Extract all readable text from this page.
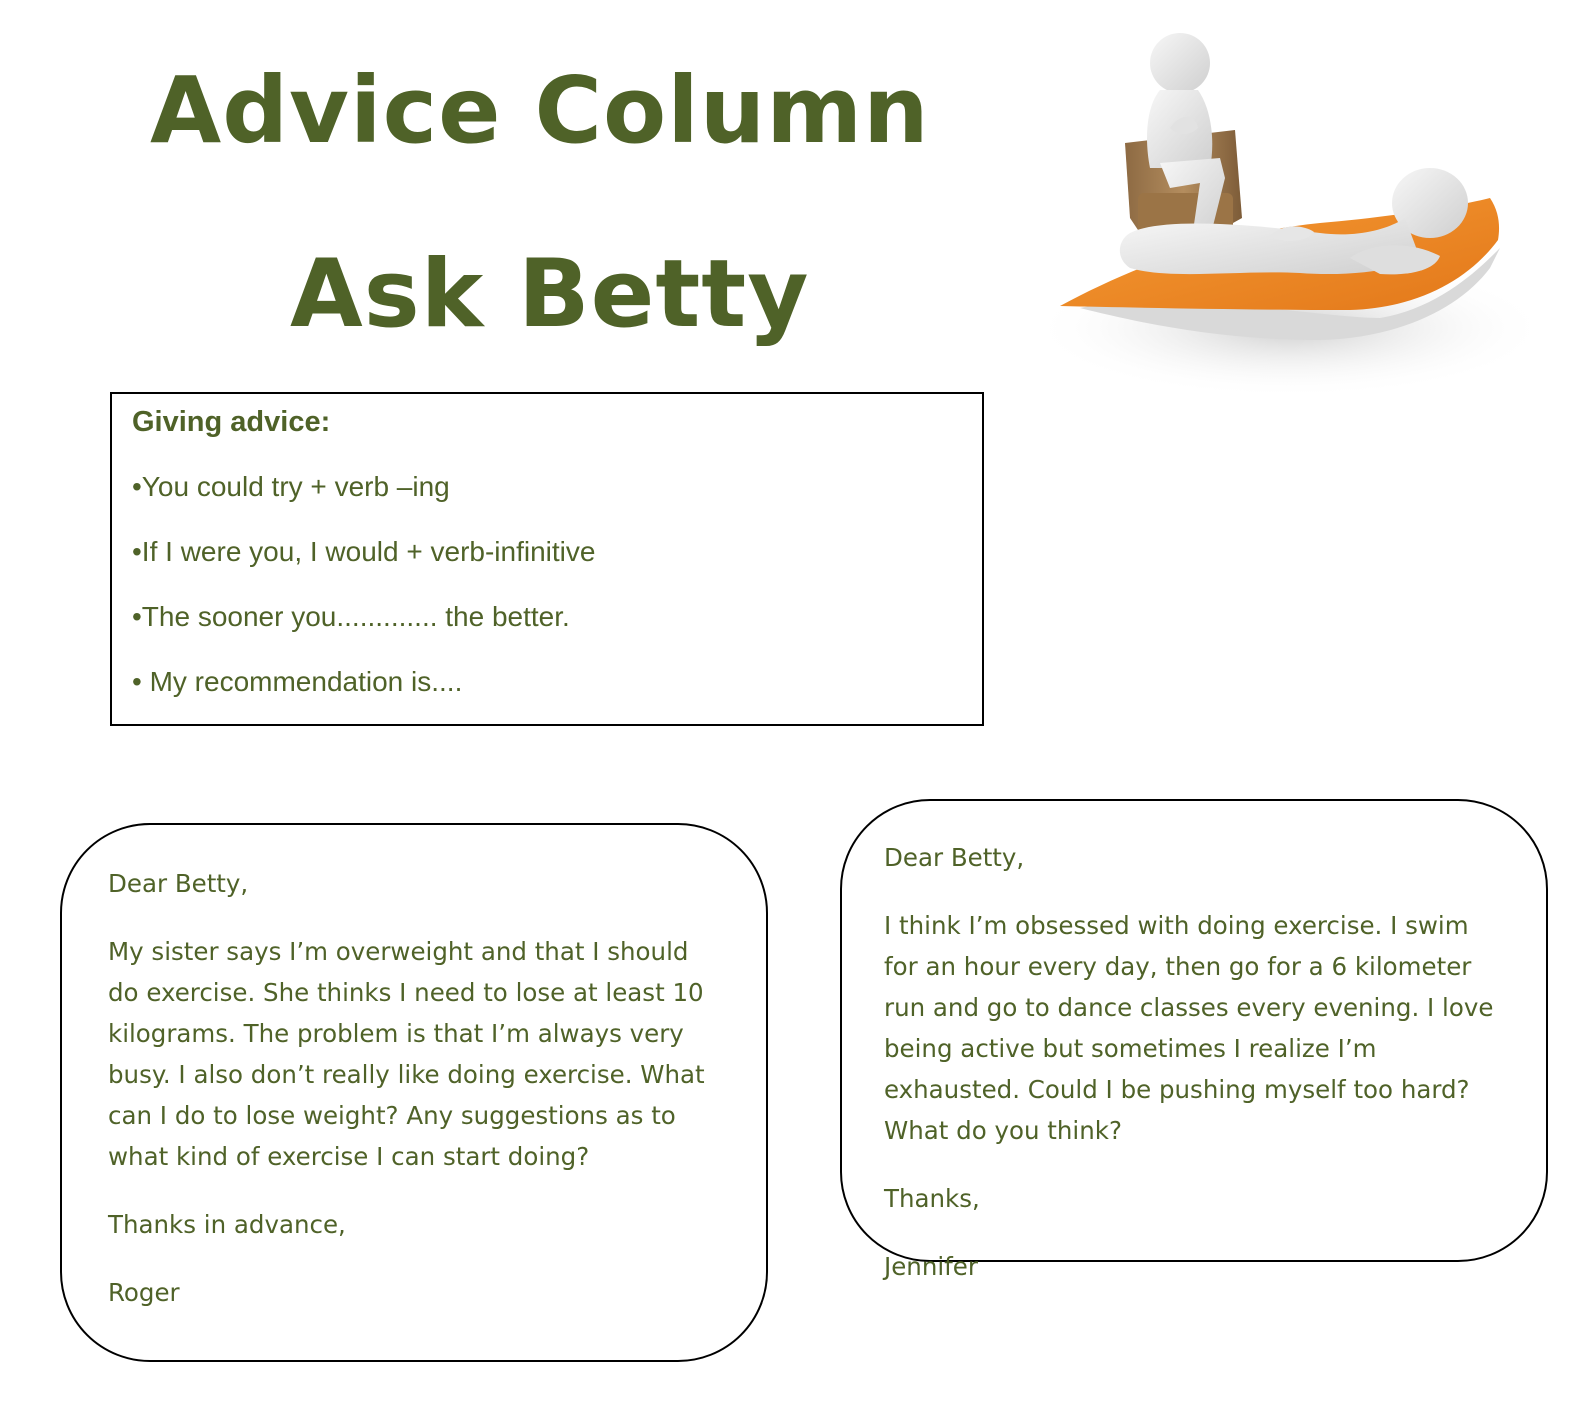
Advice Column
Ask Betty
Giving advice:
•You could try + verb –ing
•If I were you, I would + verb-infinitive
•The sooner you............. the better.
• My recommendation is....

Dear Betty,

My sister says I’m overweight and that I should do exercise. She thinks I need to lose at least 10 kilograms. The problem is that I’m always very busy. I also don’t really like doing exercise. What can I do to lose weight? Any suggestions as to what kind of exercise I can start doing?

Thanks in advance,

Roger

Dear Betty,

I think I’m obsessed with doing exercise. I swim for an hour every day, then go for a 6 kilometer run and go to dance classes every evening. I love being active but sometimes I realize I’m exhausted. Could I be pushing myself too hard? What do you think?

Thanks,

Jennifer
